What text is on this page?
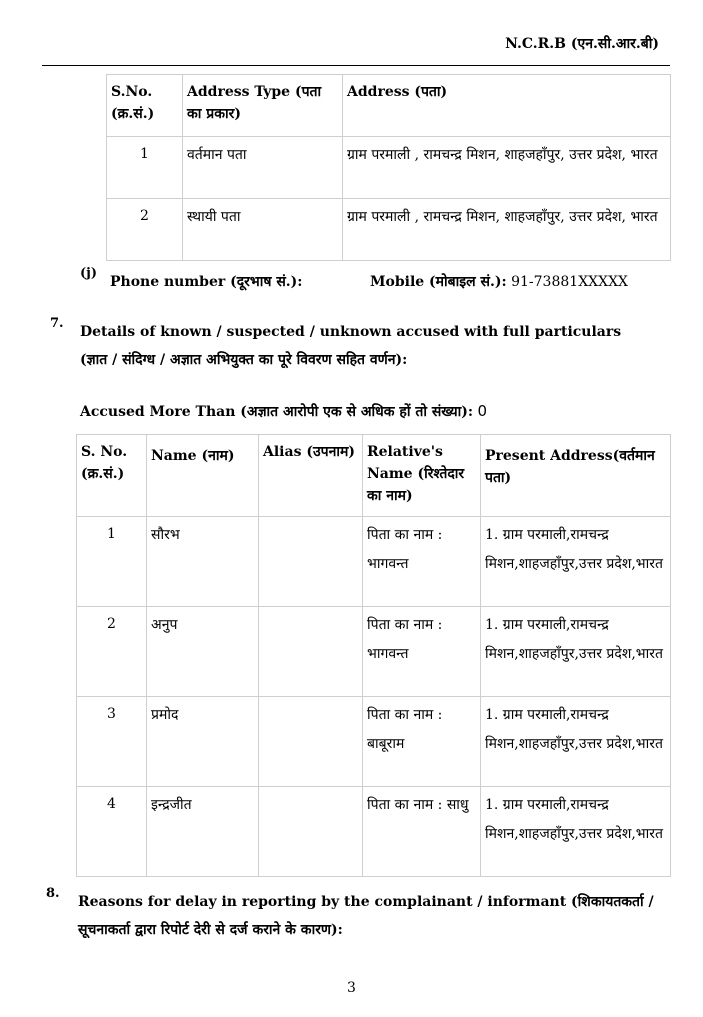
N.C.R.B (एन.सी.आर.बी)
S.No. (क्र.सं.)	Address Type (पता का प्रकार)	Address (पता)
1	वर्तमान पता	ग्राम परमाली , रामचन्द्र मिशन, शाहजहाँपुर, उत्तर प्रदेश, भारत
2	स्थायी पता	ग्राम परमाली , रामचन्द्र मिशन, शाहजहाँपुर, उत्तर प्रदेश, भारत
(j)
Phone number (दूरभाष सं.):	Mobile (मोबाइल सं.): 91-73881XXXXX
7.
Details of known / suspected / unknown accused with full particulars (ज्ञात / संदिग्ध / अज्ञात अभियुक्त का पूरे विवरण सहित वर्णन):
Accused More Than (अज्ञात आरोपी एक से अधिक हों तो संख्या): 0
S. No. (क्र.सं.)	Name (नाम)	Alias (उपनाम)	Relative's Name (रिश्तेदार का नाम)	Present Address(वर्तमान पता)
1	सौरभ		पिता का नाम : भागवन्त	1. ग्राम परमाली,रामचन्द्र मिशन,शाहजहाँपुर,उत्तर प्रदेश,भारत
2	अनुप		पिता का नाम : भागवन्त	1. ग्राम परमाली,रामचन्द्र मिशन,शाहजहाँपुर,उत्तर प्रदेश,भारत
3	प्रमोद		पिता का नाम : बाबूराम	1. ग्राम परमाली,रामचन्द्र मिशन,शाहजहाँपुर,उत्तर प्रदेश,भारत
4	इन्द्रजीत		पिता का नाम : साधु	1. ग्राम परमाली,रामचन्द्र मिशन,शाहजहाँपुर,उत्तर प्रदेश,भारत
8.
Reasons for delay in reporting by the complainant / informant (शिकायतकर्ता / सूचनाकर्ता द्वारा रिपोर्ट देरी से दर्ज कराने के कारण):
3
